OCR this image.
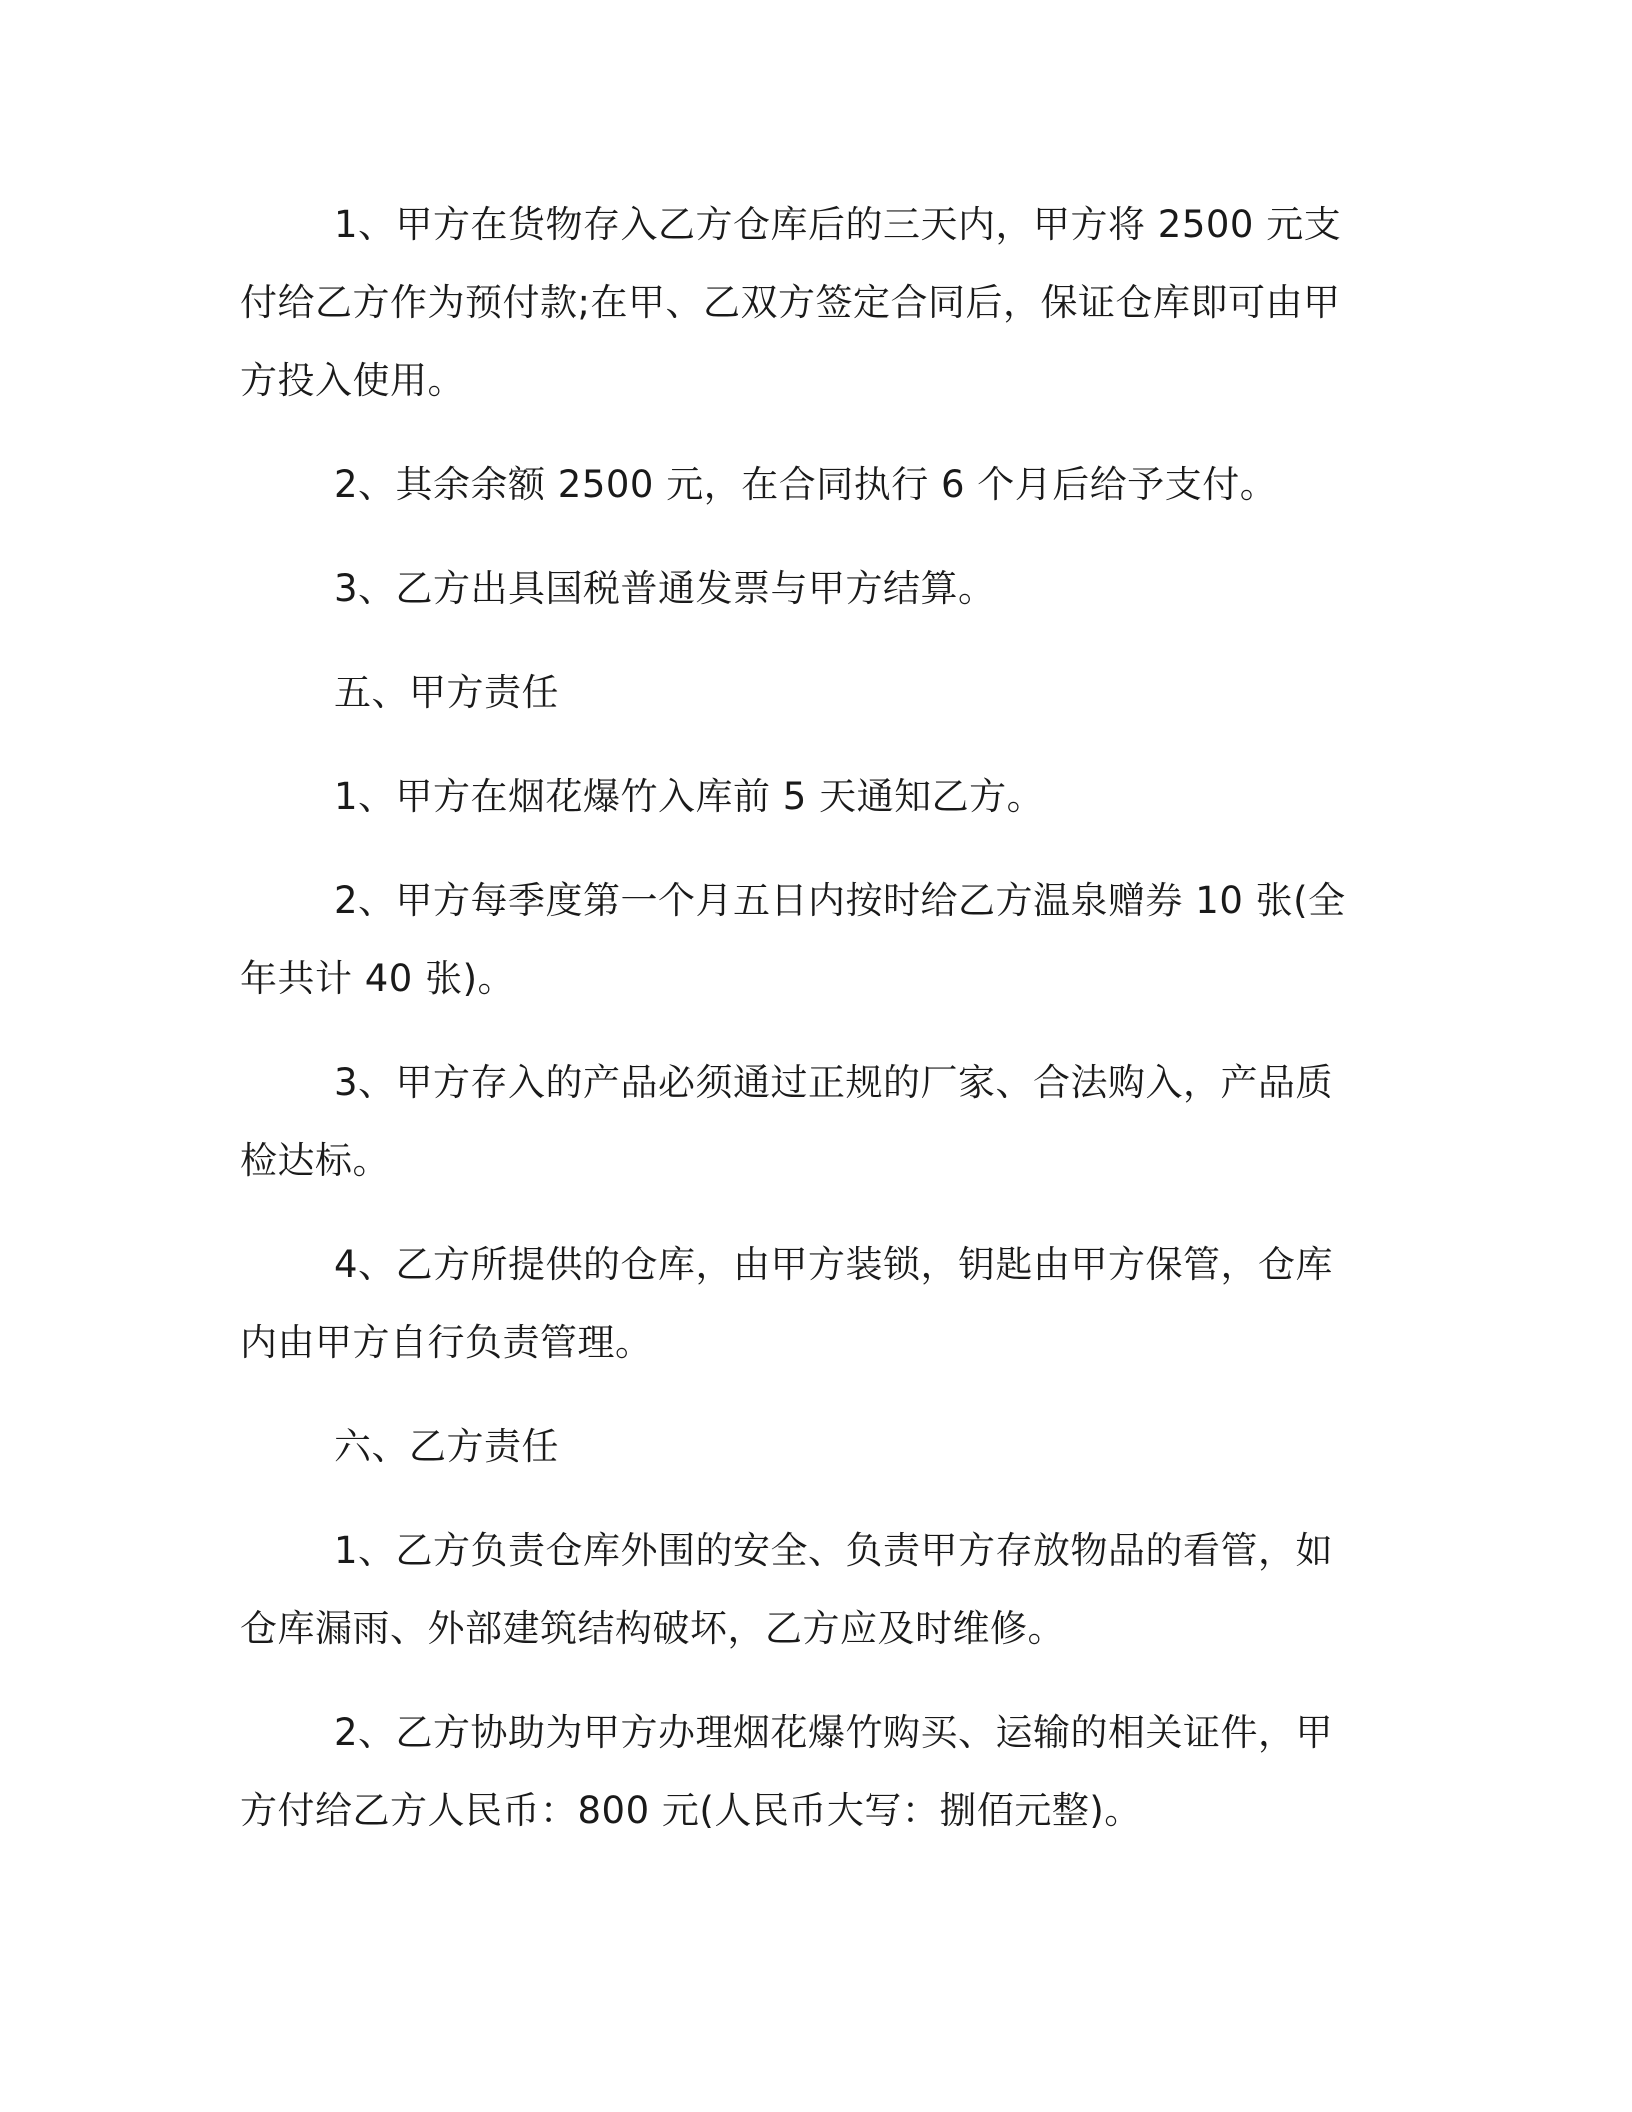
1、甲方在货物存入乙方仓库后的三天内，甲方将 2500 元支付给乙方作为预付款;在甲、乙双方签定合同后，保证仓库即可由甲方投入使用。

2、其余余额 2500 元，在合同执行 6 个月后给予支付。

3、乙方出具国税普通发票与甲方结算。

五、甲方责任

1、甲方在烟花爆竹入库前 5 天通知乙方。

2、甲方每季度第一个月五日内按时给乙方温泉赠券 10 张(全年共计 40 张)。

3、甲方存入的产品必须通过正规的厂家、合法购入，产品质检达标。

4、乙方所提供的仓库，由甲方装锁，钥匙由甲方保管，仓库内由甲方自行负责管理。

六、乙方责任

1、乙方负责仓库外围的安全、负责甲方存放物品的看管，如仓库漏雨、外部建筑结构破坏，乙方应及时维修。

2、乙方协助为甲方办理烟花爆竹购买、运输的相关证件，甲方付给乙方人民币：800 元(人民币大写：捌佰元整)。
